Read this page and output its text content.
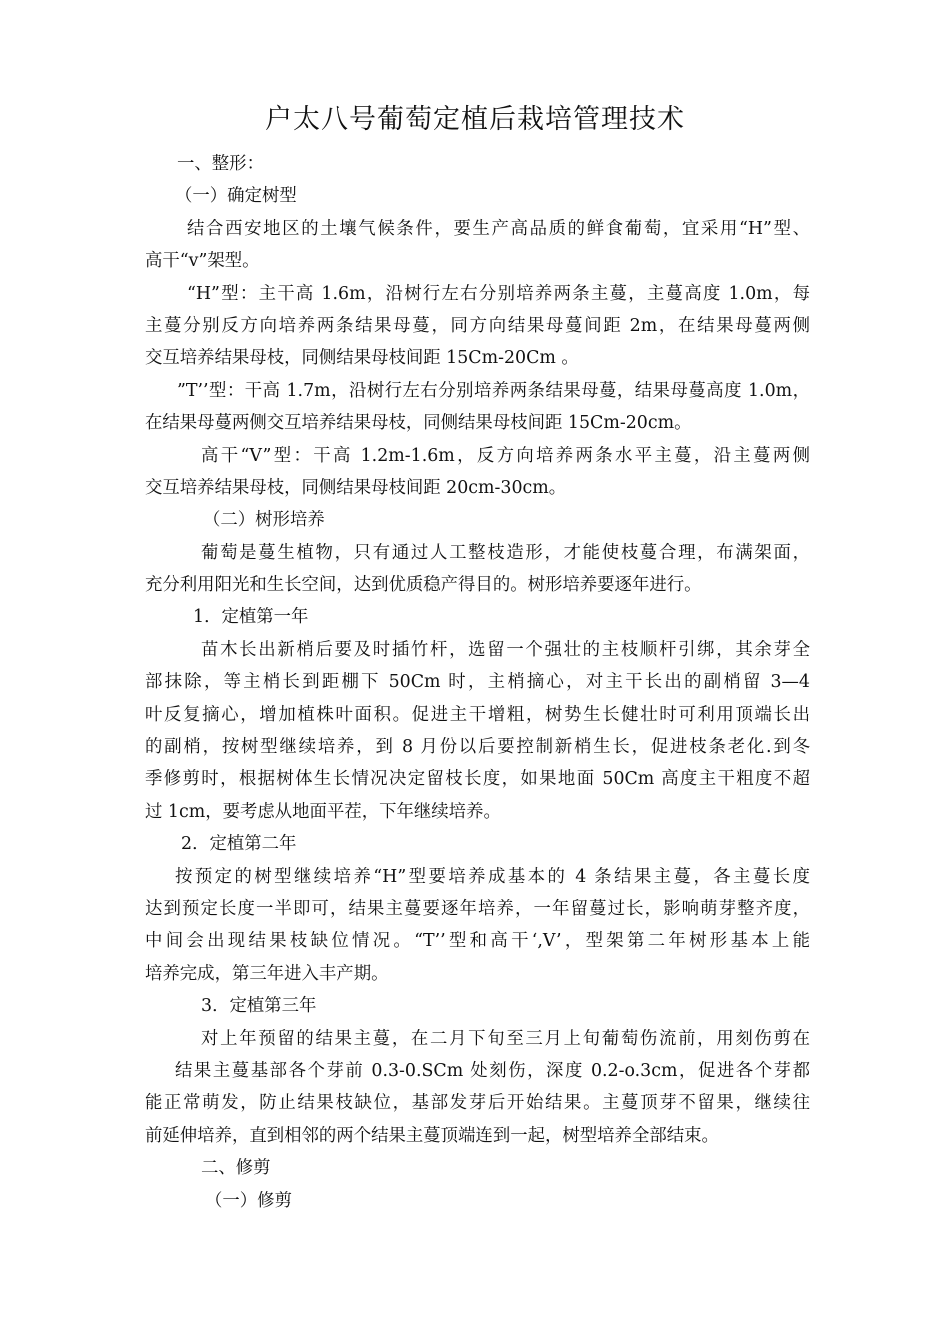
户太八号葡萄定植后栽培管理技术
一、整形：
（一）确定树型
结合西安地区的土壤气候条件，要生产高品质的鲜食葡萄，宜采用“H”型、
高干“v”架型。
“H”型：主干高 1.6m，沿树行左右分别培养两条主蔓，主蔓高度 1.0m，每
主蔓分别反方向培养两条结果母蔓，同方向结果母蔓间距 2m，在结果母蔓两侧
交互培养结果母枝，同侧结果母枝间距 15Cm-20Cm 。
”T’’型：干高 1.7m，沿树行左右分别培养两条结果母蔓，结果母蔓高度 1.0m，
在结果母蔓两侧交互培养结果母枝，同侧结果母枝间距 15Cm-20cm。
高干“V”型：干高 1.2m-1.6m，反方向培养两条水平主蔓，沿主蔓两侧
交互培养结果母枝，同侧结果母枝间距 20cm-30cm。
（二）树形培养
葡萄是蔓生植物，只有通过人工整枝造形，才能使枝蔓合理，布满架面，
充分利用阳光和生长空间，达到优质稳产得目的。树形培养要逐年进行。
1．定植第一年
苗木长出新梢后要及时插竹杆，选留一个强壮的主枝顺杆引绑，其余芽全
部抹除，等主梢长到距棚下 50Cm 时，主梢摘心，对主干长出的副梢留 3—4
叶反复摘心，增加植株叶面积。促进主干增粗，树势生长健壮时可利用顶端长出
的副梢，按树型继续培养，到 8 月份以后要控制新梢生长，促进枝条老化.到冬
季修剪时，根据树体生长情况决定留枝长度，如果地面 50Cm 高度主干粗度不超
过 1cm，要考虑从地面平茬，下年继续培养。
2．定植第二年
按预定的树型继续培养“H”型要培养成基本的 4 条结果主蔓，各主蔓长度
达到预定长度一半即可，结果主蔓要逐年培养，一年留蔓过长，影响萌芽整齐度，
中间会出现结果枝缺位情况。“T’’型和高干‘,V’，型架第二年树形基本上能
培养完成，第三年进入丰产期。
3．定植第三年
对上年预留的结果主蔓，在二月下旬至三月上旬葡萄伤流前，用刻伤剪在
结果主蔓基部各个芽前 0.3-0.SCm 处刻伤，深度 0.2-o.3cm，促进各个芽都
能正常萌发，防止结果枝缺位，基部发芽后开始结果。主蔓顶芽不留果，继续往
前延伸培养，直到相邻的两个结果主蔓顶端连到一起，树型培养全部结束。
二、修剪
（一）修剪
